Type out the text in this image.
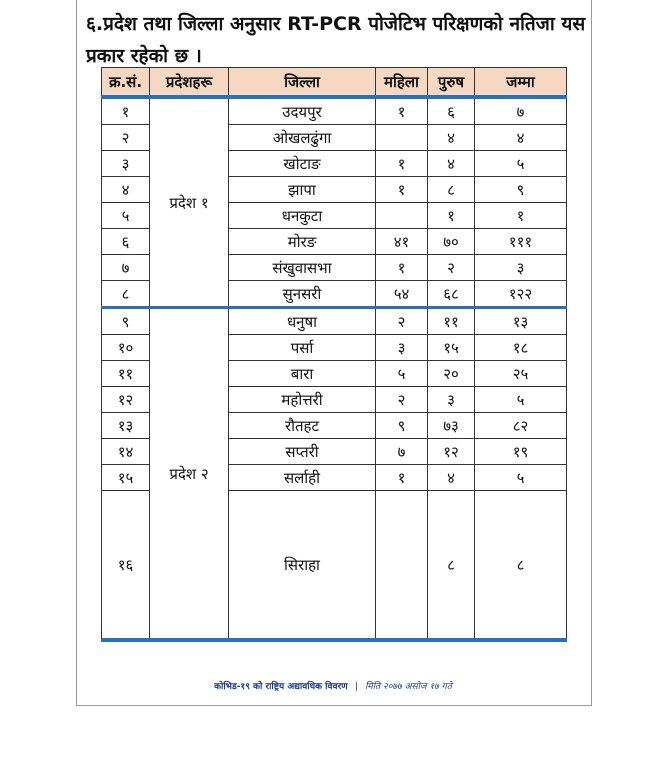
६.प्रदेश तथा जिल्ला अनुसार RT-PCR पोजेटिभ परिक्षणको नतिजा यस
प्रकार रहेको छ ।
क्र.सं.	प्रदेशहरू	जिल्ला	महिला	पुरुष	जम्मा
१	प्रदेश १	उदयपुर	१	६	७
२		ओखलढुंगा		४	४
३		खोटाङ	१	४	५
४		झापा	१	८	९
५		धनकुटा		१	१
६		मोरङ	४१	७०	१११
७		संखुवासभा	१	२	३
८		सुनसरी	५४	६८	१२२
९	प्रदेश २	धनुषा	२	११	१३
१०		पर्सा	३	१५	१८
११		बारा	५	२०	२५
१२		महोत्तरी	२	३	५
१३		रौतहट	९	७३	८२
१४		सप्तरी	७	१२	१९
१५		सर्लाही	१	४	५
१६		सिराहा		८	८
कोभिड-१९ को राष्ट्रिय अद्यावधिक विवरण | मिति २०७७ असोज १७ गते
